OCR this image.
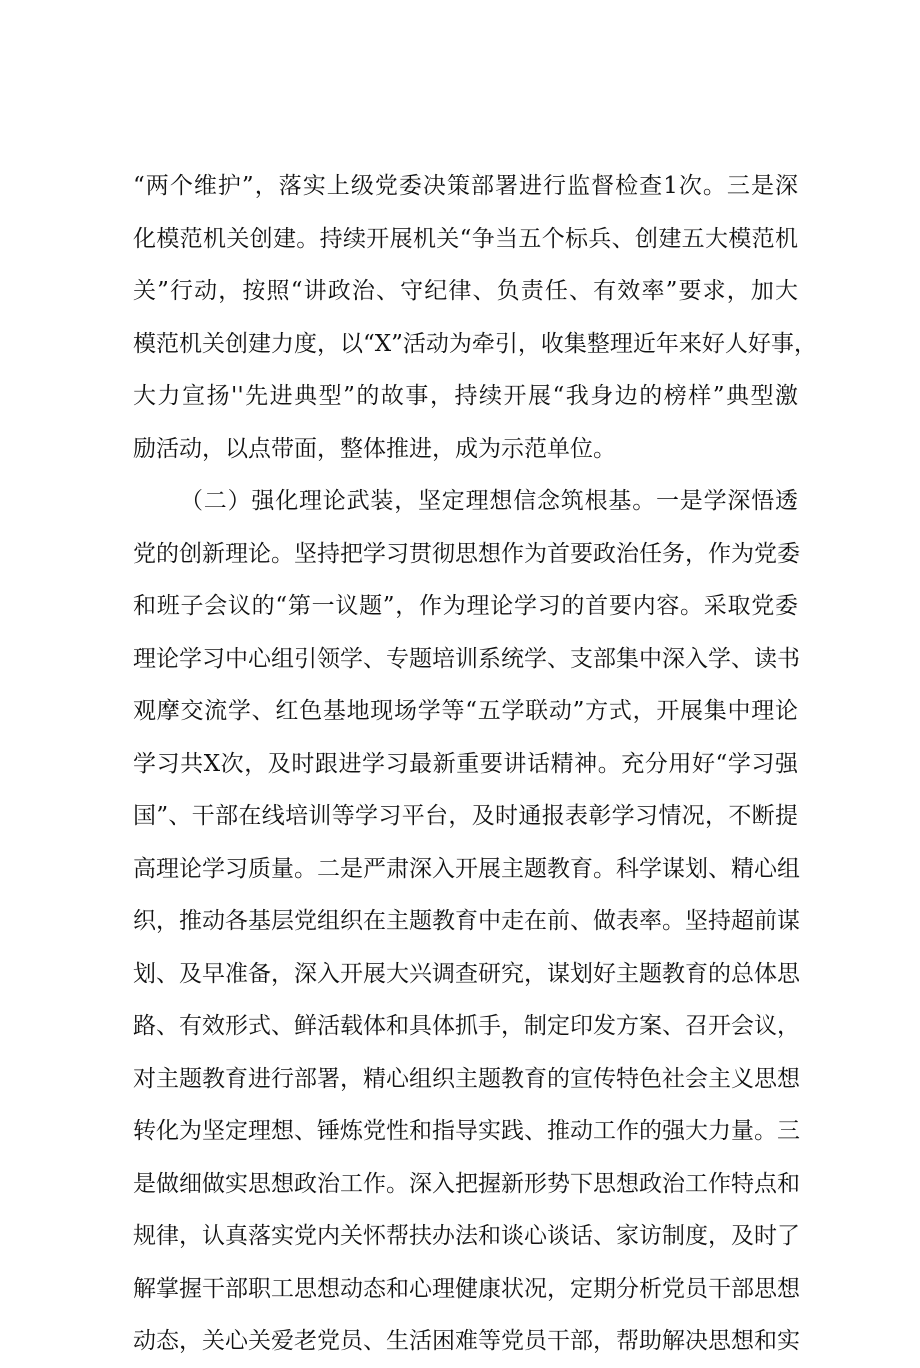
“两个维护”，落实上级党委决策部署进行监督检查1次。三是深
化模范机关创建。持续开展机关“争当五个标兵、创建五大模范机
关”行动，按照“讲政治、守纪律、负责任、有效率”要求，加大
模范机关创建力度，以“X”活动为牵引，收集整理近年来好人好事，
大力宣扬''先进典型”的故事，持续开展“我身边的榜样”典型激
励活动，以点带面，整体推进，成为示范单位。
（二）强化理论武装，坚定理想信念筑根基。一是学深悟透
党的创新理论。坚持把学习贯彻思想作为首要政治任务，作为党委
和班子会议的“第一议题”，作为理论学习的首要内容。采取党委
理论学习中心组引领学、专题培训系统学、支部集中深入学、读书
观摩交流学、红色基地现场学等“五学联动”方式，开展集中理论
学习共X次，及时跟进学习最新重要讲话精神。充分用好“学习强
国”、干部在线培训等学习平台，及时通报表彰学习情况，不断提
高理论学习质量。二是严肃深入开展主题教育。科学谋划、精心组
织，推动各基层党组织在主题教育中走在前、做表率。坚持超前谋
划、及早准备，深入开展大兴调查研究，谋划好主题教育的总体思
路、有效形式、鲜活载体和具体抓手，制定印发方案、召开会议，
对主题教育进行部署，精心组织主题教育的宣传特色社会主义思想
转化为坚定理想、锤炼党性和指导实践、推动工作的强大力量。三
是做细做实思想政治工作。深入把握新形势下思想政治工作特点和
规律，认真落实党内关怀帮扶办法和谈心谈话、家访制度，及时了
解掌握干部职工思想动态和心理健康状况，定期分析党员干部思想
动态，关心关爱老党员、生活困难等党员干部，帮助解决思想和实
